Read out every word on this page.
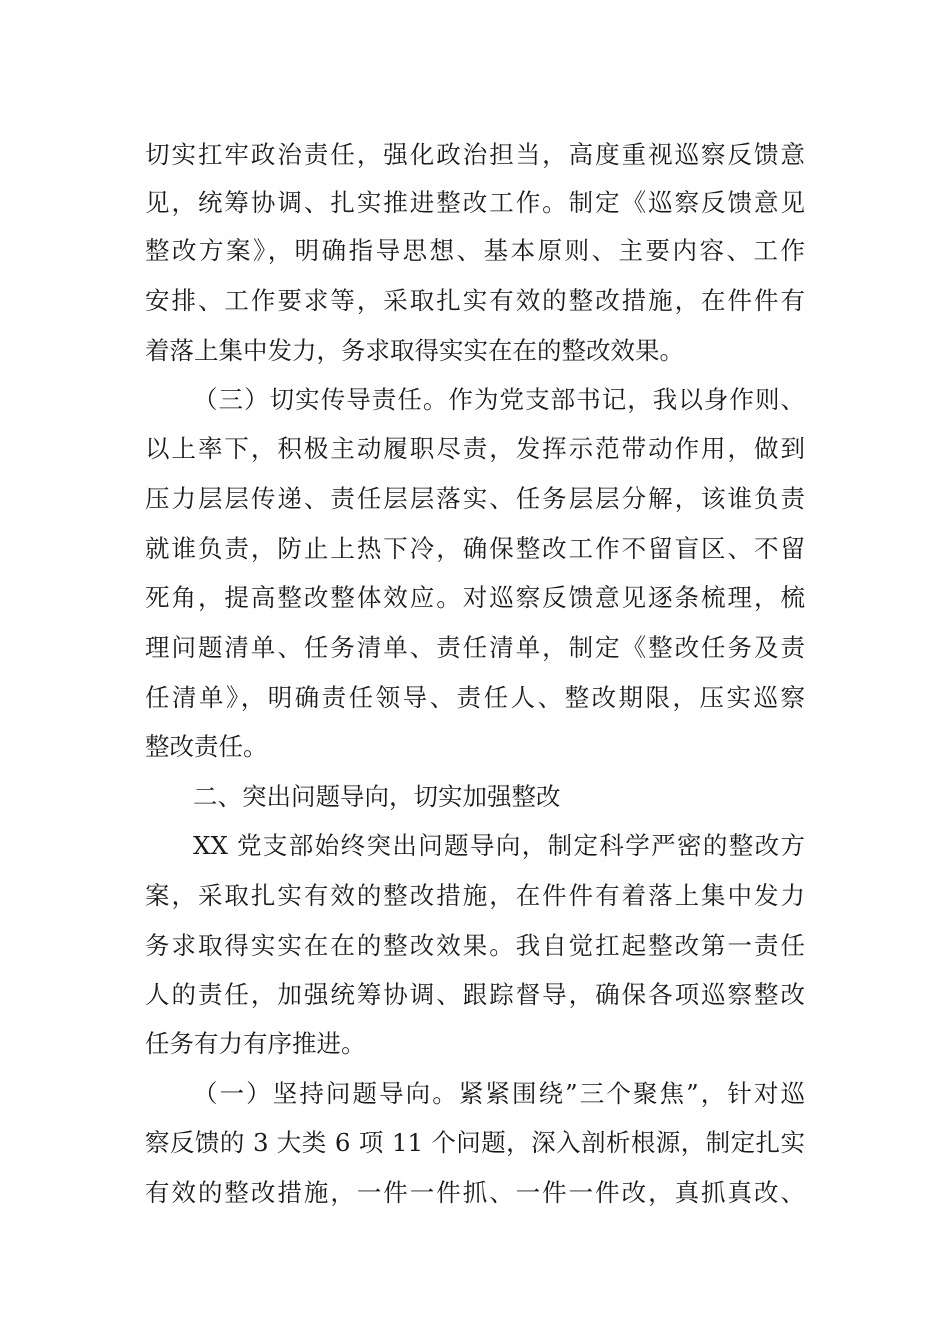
切实扛牢政治责任，强化政治担当，高度重视巡察反馈意
见，统筹协调、扎实推进整改工作。制定《巡察反馈意见
整改方案》，明确指导思想、基本原则、主要内容、工作
安排、工作要求等，采取扎实有效的整改措施，在件件有
着落上集中发力，务求取得实实在在的整改效果。
（三）切实传导责任。作为党支部书记，我以身作则、
以上率下，积极主动履职尽责，发挥示范带动作用，做到
压力层层传递、责任层层落实、任务层层分解，该谁负责
就谁负责，防止上热下冷，确保整改工作不留盲区、不留
死角，提高整改整体效应。对巡察反馈意见逐条梳理，梳
理问题清单、任务清单、责任清单，制定《整改任务及责
任清单》，明确责任领导、责任人、整改期限，压实巡察
整改责任。
二、突出问题导向，切实加强整改
XX 党支部始终突出问题导向，制定科学严密的整改方
案，采取扎实有效的整改措施，在件件有着落上集中发力
务求取得实实在在的整改效果。我自觉扛起整改第一责任
人的责任，加强统筹协调、跟踪督导，确保各项巡察整改
任务有力有序推进。
（一）坚持问题导向。紧紧围绕”三个聚焦”，针对巡
察反馈的 3 大类 6 项 11 个问题，深入剖析根源，制定扎实
有效的整改措施，一件一件抓、一件一件改，真抓真改、
